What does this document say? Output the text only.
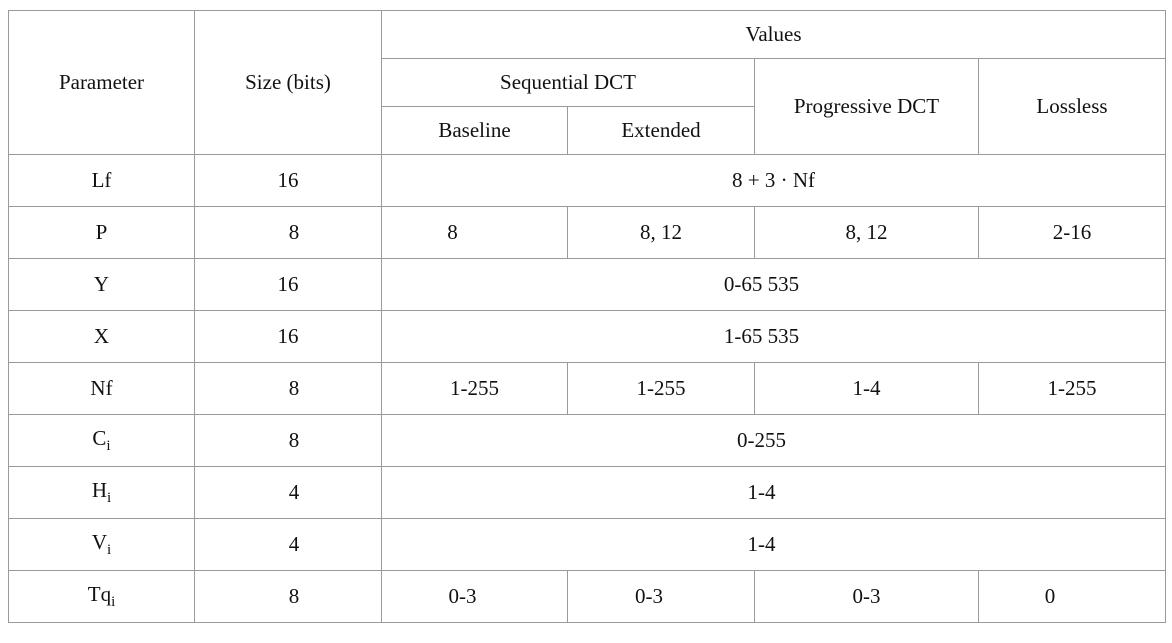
Parameter	Size (bits)	Values			
		Sequential DCT		Progressive DCT	Lossless
		Baseline	Extended		
Lf	16	8 + 3 · Nf			
P	8	8	8, 12	8, 12	2-16
Y	16	0-65 535			
X	16	1-65 535			
Nf	8	1-255	1-255	1-4	1-255
$C_i$	8	0-255			
$H_i$	4	1-4			
$V_i$	4	1-4			
$Tq_i$	8	0-3	0-3	0-3	0
